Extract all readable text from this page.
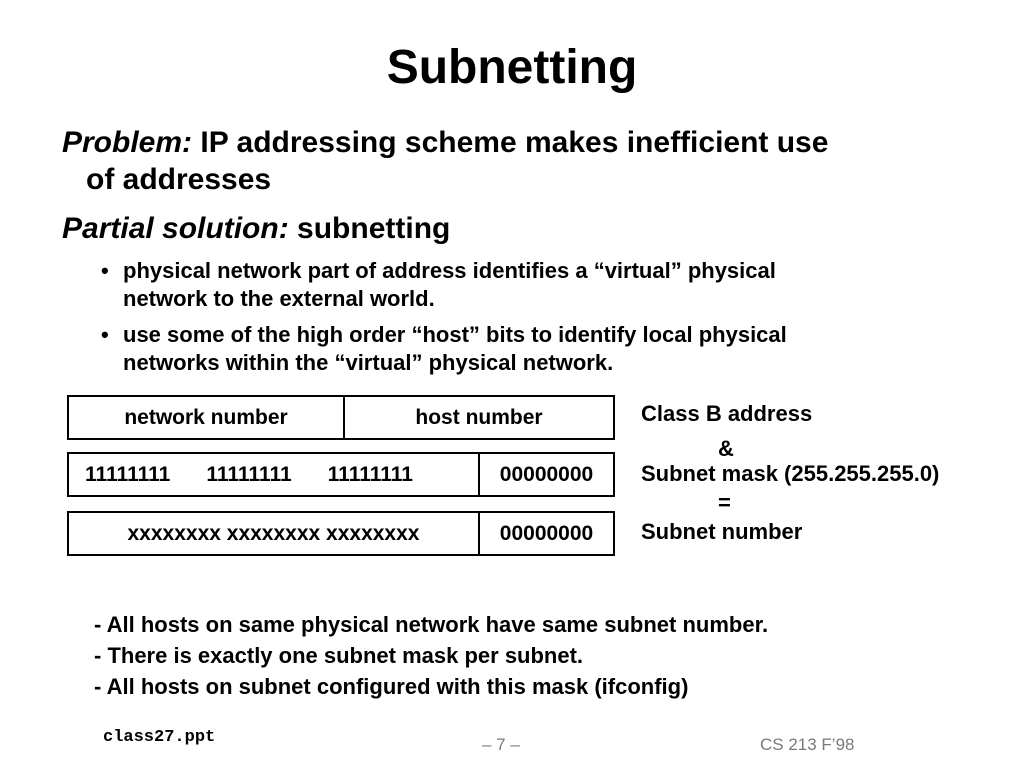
Subnetting
Problem: IP addressing scheme makes inefficient use
of addresses
Partial solution: subnetting
• physical network part of address identifies a “virtual” physical
network to the external world.
• use some of the high order “host” bits to identify local physical
networks within the “virtual” physical network.
network number	host number
11111111 11111111 11111111	00000000
xxxxxxxx xxxxxxxx xxxxxxxx	00000000
Class B address
&
Subnet mask (255.255.255.0)
=
Subnet number
- All hosts on same physical network have same subnet number.
- There is exactly one subnet mask per subnet.
- All hosts on subnet configured with this mask (ifconfig)
class27.ppt	– 7 –	CS 213 F’98
